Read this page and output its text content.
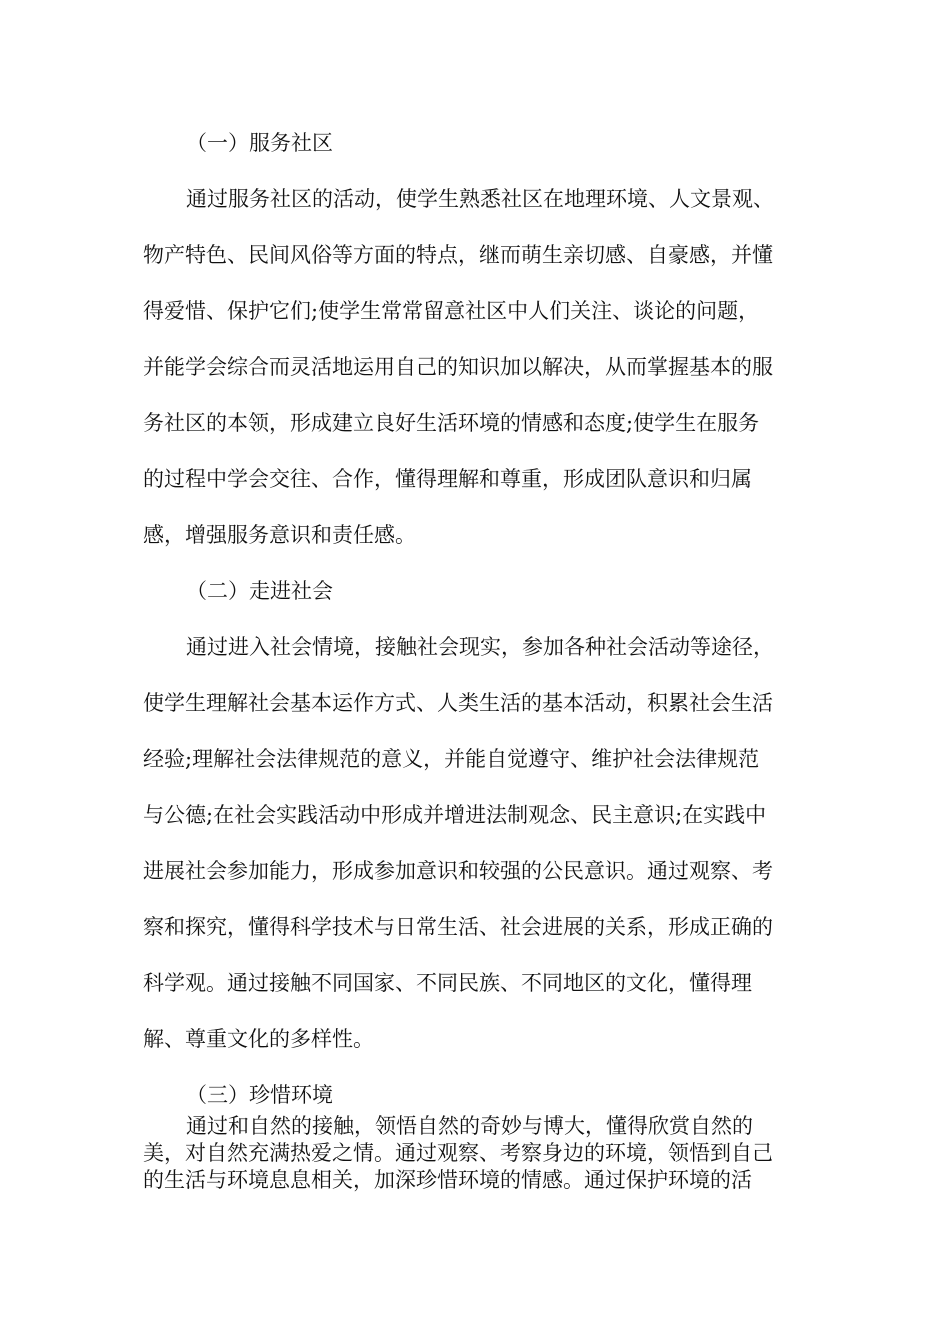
（一）服务社区
通过服务社区的活动，使学生熟悉社区在地理环境、人文景观、
物产特色、民间风俗等方面的特点，继而萌生亲切感、自豪感，并懂
得爱惜、保护它们;使学生常常留意社区中人们关注、谈论的问题，
并能学会综合而灵活地运用自己的知识加以解决，从而掌握基本的服
务社区的本领，形成建立良好生活环境的情感和态度;使学生在服务
的过程中学会交往、合作，懂得理解和尊重，形成团队意识和归属
感，增强服务意识和责任感。
（二）走进社会
通过进入社会情境，接触社会现实，参加各种社会活动等途径，
使学生理解社会基本运作方式、人类生活的基本活动，积累社会生活
经验;理解社会法律规范的意义，并能自觉遵守、维护社会法律规范
与公德;在社会实践活动中形成并增进法制观念、民主意识;在实践中
进展社会参加能力，形成参加意识和较强的公民意识。通过观察、考
察和探究，懂得科学技术与日常生活、社会进展的关系，形成正确的
科学观。通过接触不同国家、不同民族、不同地区的文化，懂得理
解、尊重文化的多样性。
（三）珍惜环境
通过和自然的接触，领悟自然的奇妙与博大，懂得欣赏自然的
美，对自然充满热爱之情。通过观察、考察身边的环境，领悟到自己
的生活与环境息息相关，加深珍惜环境的情感。通过保护环境的活
